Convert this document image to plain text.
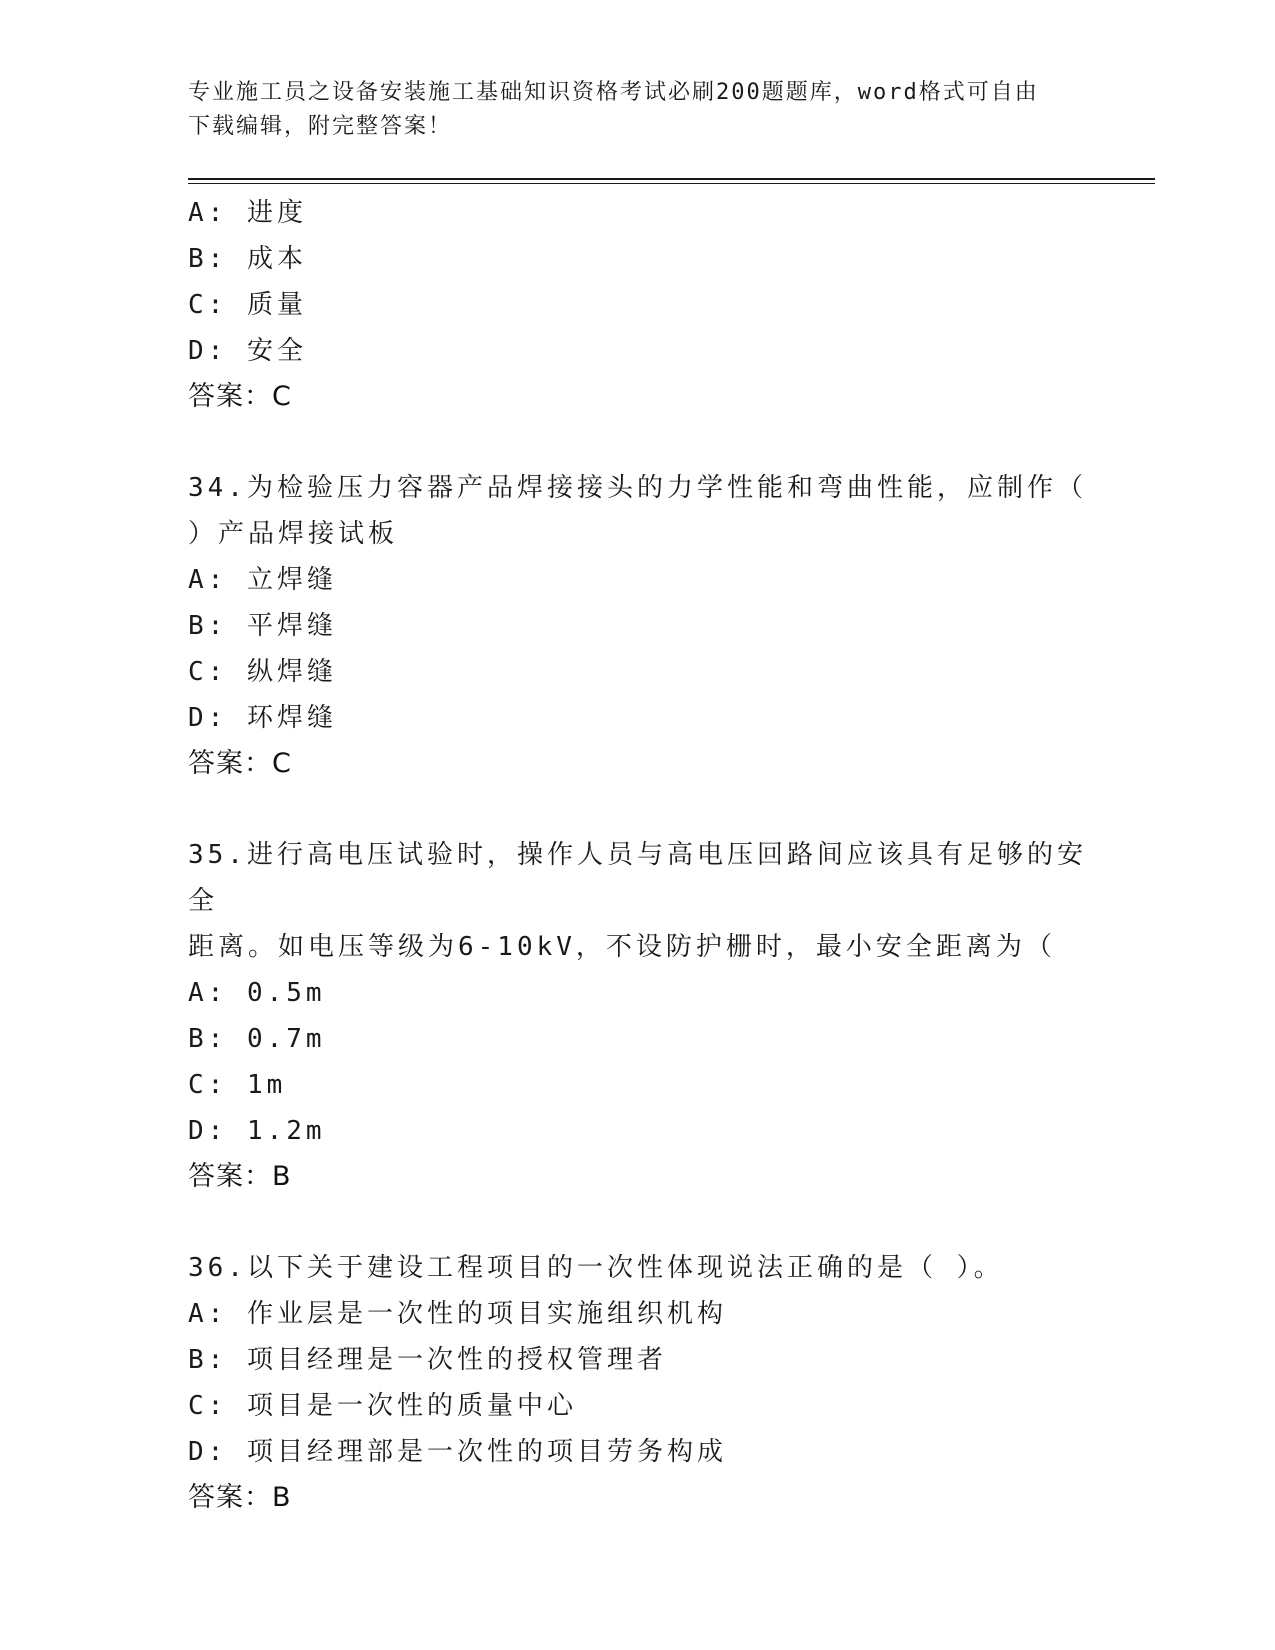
专业施工员之设备安装施工基础知识资格考试必刷200题题库，word格式可自由
下载编辑，附完整答案！
A: 进度
B: 成本
C: 质量
D: 安全
答案：C
34.为检验压力容器产品焊接接头的力学性能和弯曲性能，应制作（
）产品焊接试板
A: 立焊缝
B: 平焊缝
C: 纵焊缝
D: 环焊缝
答案：C
35.进行高电压试验时，操作人员与高电压回路间应该具有足够的安全
距离。如电压等级为6-10kV，不设防护栅时，最小安全距离为（
A: 0.5m
B: 0.7m
C: 1m
D: 1.2m
答案：B
36.以下关于建设工程项目的一次性体现说法正确的是（ ）。
A: 作业层是一次性的项目实施组织机构
B: 项目经理是一次性的授权管理者
C: 项目是一次性的质量中心
D: 项目经理部是一次性的项目劳务构成
答案：B
